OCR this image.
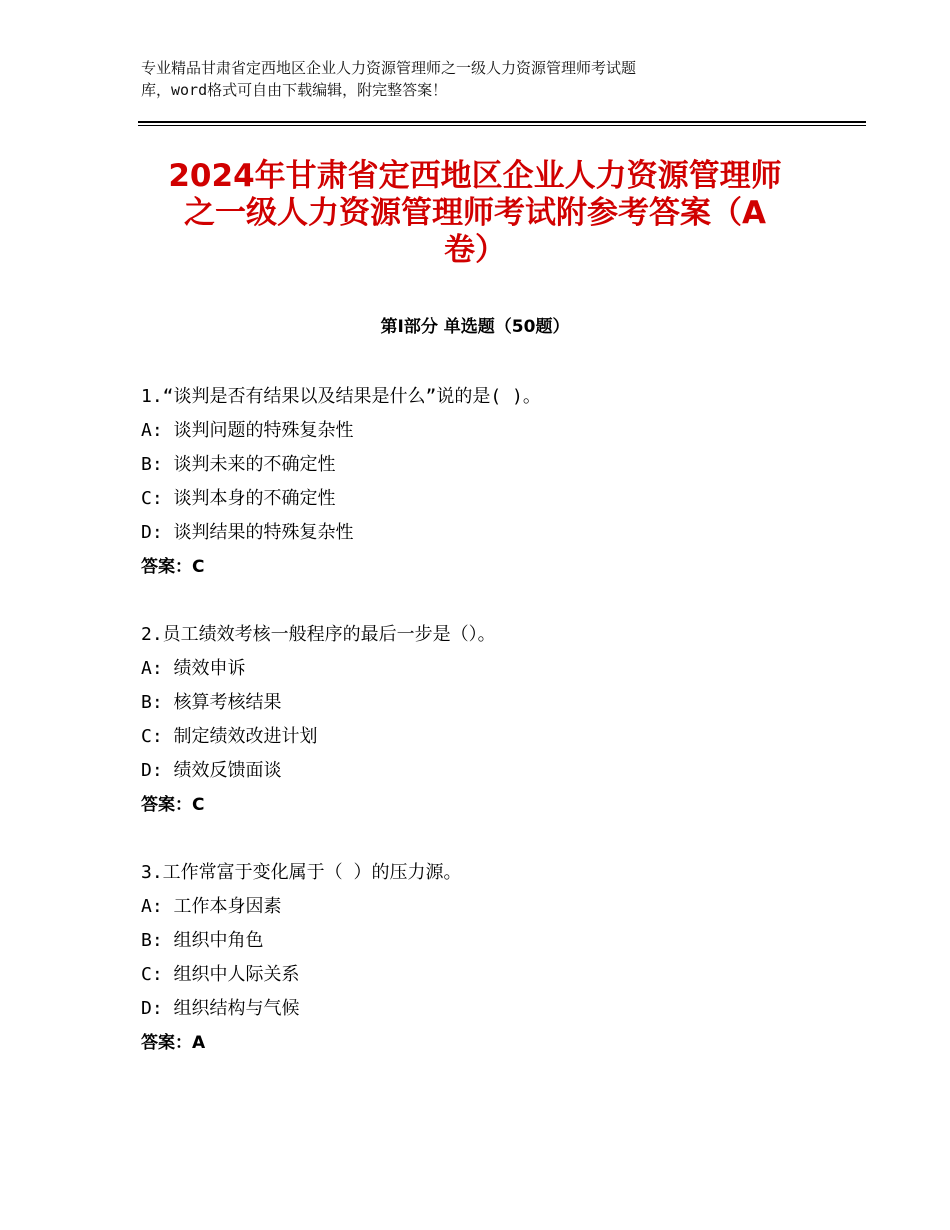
专业精品甘肃省定西地区企业人力资源管理师之一级人力资源管理师考试题
库，word格式可自由下载编辑，附完整答案！
2024年甘肃省定西地区企业人力资源管理师
之一级人力资源管理师考试附参考答案（A
卷）
第Ⅰ部分 单选题（50题）
1.“谈判是否有结果以及结果是什么”说的是( )。
A: 谈判问题的特殊复杂性
B: 谈判未来的不确定性
C: 谈判本身的不确定性
D: 谈判结果的特殊复杂性
答案：C
2.员工绩效考核一般程序的最后一步是（）。
A: 绩效申诉
B: 核算考核结果
C: 制定绩效改进计划
D: 绩效反馈面谈
答案：C
3.工作常富于变化属于（ ）的压力源。
A: 工作本身因素
B: 组织中角色
C: 组织中人际关系
D: 组织结构与气候
答案：A
